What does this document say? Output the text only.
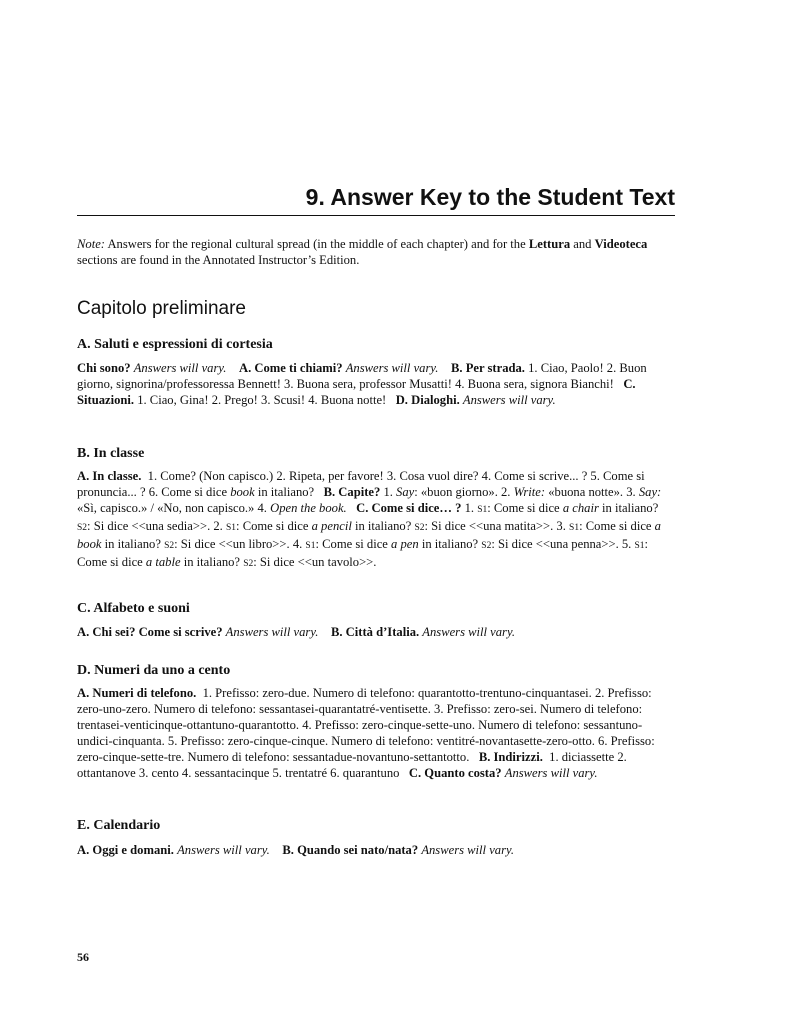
9. Answer Key to the Student Text

Note: Answers for the regional cultural spread (in the middle of each chapter) and for the Lettura and Videoteca sections are found in the Annotated Instructor’s Edition.

Capitolo preliminare
A. Saluti e espressioni di cortesia

Chi sono? Answers will vary. A. Come ti chiami? Answers will vary. B. Per strada. 1. Ciao, Paolo! 2. Buon giorno, signorina/professoressa Bennett! 3. Buona sera, professor Musatti! 4. Buona sera, signora Bianchi! C. Situazioni. 1. Ciao, Gina! 2. Prego! 3. Scusi! 4. Buona notte! D. Dialoghi. Answers will vary.

B. In classe

A. In classe. 1. Come? (Non capisco.) 2. Ripeta, per favore! 3. Cosa vuol dire? 4. Come si scrive... ? 5. Come si pronuncia... ? 6. Come si dice book in italiano? B. Capite? 1. Say: «buon giorno». 2. Write: «buona notte». 3. Say: «Sì, capisco.» / «No, non capisco.» 4. Open the book. C. Come si dice… ? 1. S1: Come si dice a chair in italiano?  S2: Si dice <<una sedia>>. 2. S1: Come si dice a pencil in italiano? S2: Si dice <<una matita>>. 3. S1: Come si dice a book in italiano? S2: Si dice <<un libro>>. 4. S1: Come si dice a pen in italiano? S2: Si dice <<una penna>>. 5. S1: Come si dice a table in italiano? S2: Si dice <<un tavolo>>.

C. Alfabeto e suoni

A. Chi sei? Come si scrive? Answers will vary. B. Città d’Italia. Answers will vary.

D. Numeri da uno a cento

A. Numeri di telefono. 1. Prefisso: zero-due. Numero di telefono: quarantotto-trentuno-cinquantasei. 2. Prefisso: zero-uno-zero. Numero di telefono: sessantasei-quarantatré-ventisette. 3. Prefisso: zero-sei. Numero di telefono: trentasei-venticinque-ottantuno-quarantotto. 4. Prefisso: zero-cinque-sette-uno. Numero di telefono: sessantuno-undici-cinquanta. 5. Prefisso: zero-cinque-cinque. Numero di telefono: ventitré-novantasette-zero-otto. 6. Prefisso: zero-cinque-sette-tre. Numero di telefono: sessantadue-novantuno-settantotto. B. Indirizzi. 1. diciassette 2. ottantanove 3. cento 4. sessantacinque 5. trentatré 6. quarantuno C. Quanto costa? Answers will vary.

E. Calendario

A. Oggi e domani. Answers will vary. B. Quando sei nato/nata? Answers will vary.

56
